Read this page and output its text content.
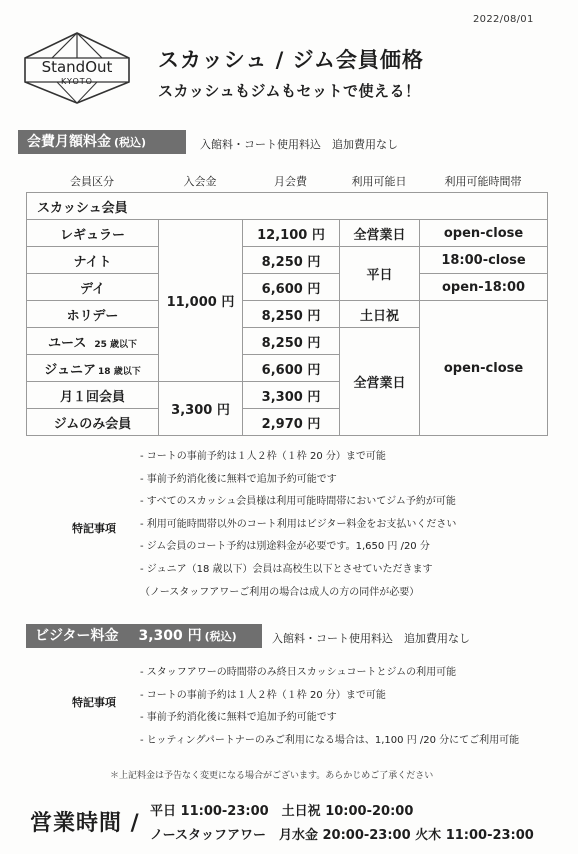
2022/08/01
StandOut
KYOTO
スカッシュ / ジム会員価格
スカッシュもジムもセットで使える！
会費月額料金 (税込)	入館料・コート使用料込　追加費用なし
会員区分	入会金	月会費	利用可能日	利用可能時間帯
スカッシュ会員				
レギュラー	11,000 円	12,100 円	全営業日	open-close
ナイト		8,250 円	平日	18:00-close
デイ		6,600 円		open-18:00
ホリデー		8,250 円	土日祝	open-close
ユース 25 歳以下		8,250 円	全営業日	
ジュニア 18 歳以下		6,600 円		
月１回会員	3,300 円	3,300 円		
ジムのみ会員		2,970 円		
特記事項
- コートの事前予約は１人２枠（１枠 20 分）まで可能
- 事前予約消化後に無料で追加予約可能です
- すべてのスカッシュ会員様は利用可能時間帯においてジム予約が可能
- 利用可能時間帯以外のコート利用はビジター料金をお支払いください
- ジム会員のコート予約は別途料金が必要です。1,650 円 /20 分
- ジュニア（18 歳以下）会員は高校生以下とさせていただきます
（ノースタッフアワーご利用の場合は成人の方の同伴が必要）
ビジター料金 3,300 円 (税込)	入館料・コート使用料込　追加費用なし
特記事項
- スタッフアワーの時間帯のみ終日スカッシュコートとジムの利用可能
- コートの事前予約は１人２枠（１枠 20 分）まで可能
- 事前予約消化後に無料で追加予約可能です
- ヒッティングパートナーのみご利用になる場合は、1,100 円 /20 分にてご利用可能
＊上記料金は予告なく変更になる場合がございます。あらかじめご了承ください
営業時間 / 平日 11:00-23:00　土日祝 10:00-20:00
ノースタッフアワー　月水金 20:00-23:00 火木 11:00-23:00
